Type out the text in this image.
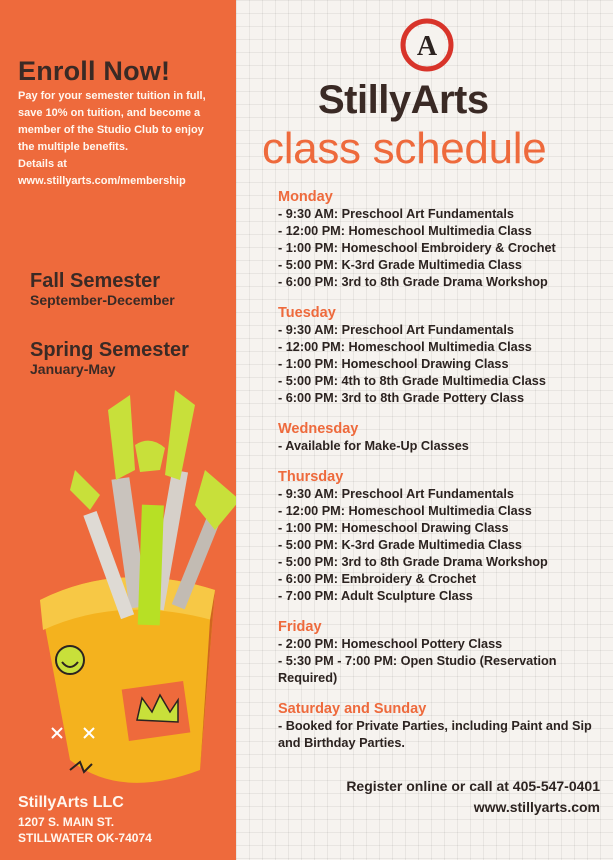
Enroll Now!
Pay for your semester tuition in full,
save 10% on tuition, and become a
member of the Studio Club to enjoy
the multiple benefits.
Details at
www.stillyarts.com/membership
Fall Semester
September-December
Spring Semester
January-May
StillyArts LLC
1207 S. MAIN ST.
STILLWATER OK-74074
A
StillyArts
class schedule
Monday
- 9:30 AM: Preschool Art Fundamentals
- 12:00 PM: Homeschool Multimedia Class
- 1:00 PM: Homeschool Embroidery & Crochet
- 5:00 PM: K-3rd Grade Multimedia Class
- 6:00 PM: 3rd to 8th Grade Drama Workshop
Tuesday
- 9:30 AM: Preschool Art Fundamentals
- 12:00 PM: Homeschool Multimedia Class
- 1:00 PM: Homeschool Drawing Class
- 5:00 PM: 4th to 8th Grade Multimedia Class
- 6:00 PM: 3rd to 8th Grade Pottery Class
Wednesday
- Available for Make-Up Classes
Thursday
- 9:30 AM: Preschool Art Fundamentals
- 12:00 PM: Homeschool Multimedia Class
- 1:00 PM: Homeschool Drawing Class
- 5:00 PM: K-3rd Grade Multimedia Class
- 5:00 PM: 3rd to 8th Grade Drama Workshop
- 6:00 PM: Embroidery & Crochet
- 7:00 PM: Adult Sculpture Class
Friday
- 2:00 PM: Homeschool Pottery Class
- 5:30 PM - 7:00 PM: Open Studio (Reservation Required)
Saturday and Sunday
- Booked for Private Parties, including Paint and Sip and Birthday Parties.
Register online or call at 405-547-0401
www.stillyarts.com
